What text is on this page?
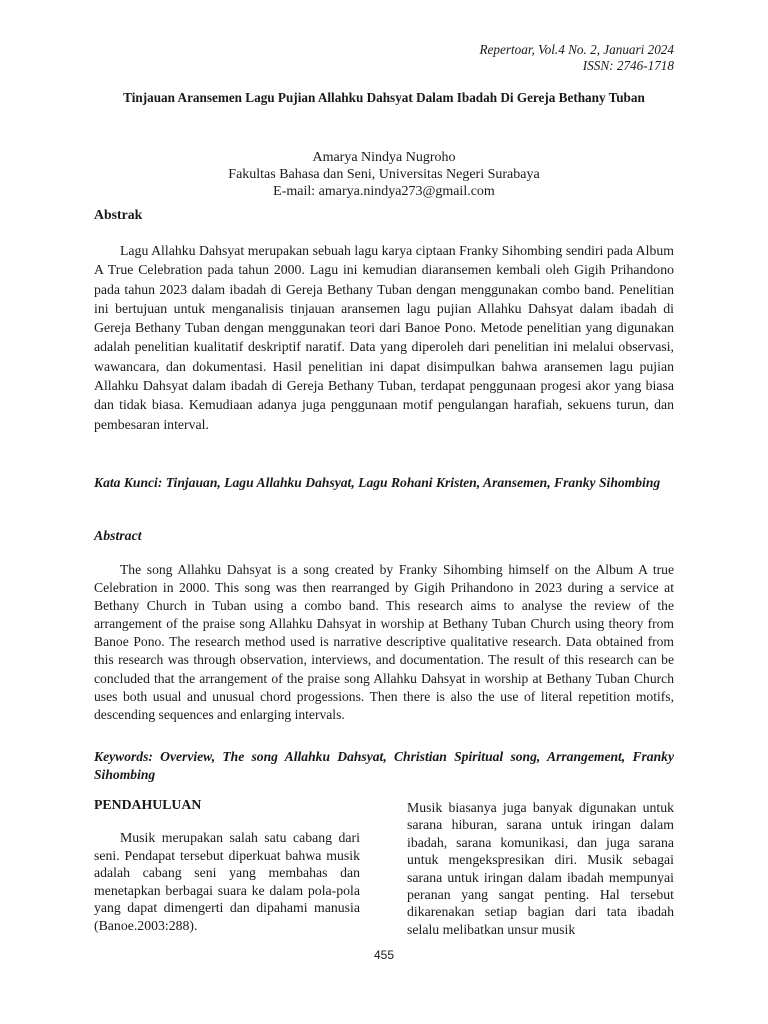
Repertoar, Vol.4 No. 2, Januari 2024
ISSN: 2746-1718
Tinjauan Aransemen Lagu Pujian Allahku Dahsyat Dalam Ibadah Di Gereja Bethany Tuban
Amarya Nindya Nugroho
Fakultas Bahasa dan Seni, Universitas Negeri Surabaya
E-mail: amarya.nindya273@gmail.com
Abstrak

Lagu Allahku Dahsyat merupakan sebuah lagu karya ciptaan Franky Sihombing sendiri pada Album A True Celebration pada tahun 2000. Lagu ini kemudian diaransemen kembali oleh Gigih Prihandono pada tahun 2023 dalam ibadah di Gereja Bethany Tuban dengan menggunakan combo band. Penelitian ini bertujuan untuk menganalisis tinjauan aransemen lagu pujian Allahku Dahsyat dalam ibadah di Gereja Bethany Tuban dengan menggunakan teori dari Banoe Pono. Metode penelitian yang digunakan adalah penelitian kualitatif deskriptif naratif. Data yang diperoleh dari penelitian ini melalui observasi, wawancara, dan dokumentasi. Hasil penelitian ini dapat disimpulkan bahwa aransemen lagu pujian Allahku Dahsyat dalam ibadah di Gereja Bethany Tuban, terdapat penggunaan progesi akor yang biasa dan tidak biasa. Kemudiaan adanya juga penggunaan motif pengulangan harafiah, sekuens turun, dan pembesaran interval.

Kata Kunci: Tinjauan, Lagu Allahku Dahsyat, Lagu Rohani Kristen, Aransemen, Franky Sihombing
Abstract

The song Allahku Dahsyat is a song created by Franky Sihombing himself on the Album A true Celebration in 2000. This song was then rearranged by Gigih Prihandono in 2023 during a service at Bethany Church in Tuban using a combo band. This research aims to analyse the review of the arrangement of the praise song Allahku Dahsyat in worship at Bethany Tuban Church using theory from Banoe Pono. The research method used is narrative descriptive qualitative research. Data obtained from this research was through observation, interviews, and documentation. The result of this research can be concluded that the arrangement of the praise song Allahku Dahsyat in worship at Bethany Tuban Church uses both usual and unusual chord progessions. Then there is also the use of literal repetition motifs, descending sequences and enlarging intervals.

Keywords: Overview, The song Allahku Dahsyat, Christian Spiritual song, Arrangement, Franky Sihombing
PENDAHULUAN

Musik merupakan salah satu cabang dari seni. Pendapat tersebut diperkuat bahwa musik adalah cabang seni yang membahas dan menetapkan berbagai suara ke dalam pola-pola yang dapat dimengerti dan dipahami manusia (Banoe.2003:288).

Musik biasanya juga banyak digunakan untuk sarana hiburan, sarana untuk iringan dalam ibadah, sarana komunikasi, dan juga sarana untuk mengekspresikan diri. Musik sebagai sarana untuk iringan dalam ibadah mempunyai peranan yang sangat penting. Hal tersebut dikarenakan setiap bagian dari tata ibadah selalu melibatkan unsur musik

455
